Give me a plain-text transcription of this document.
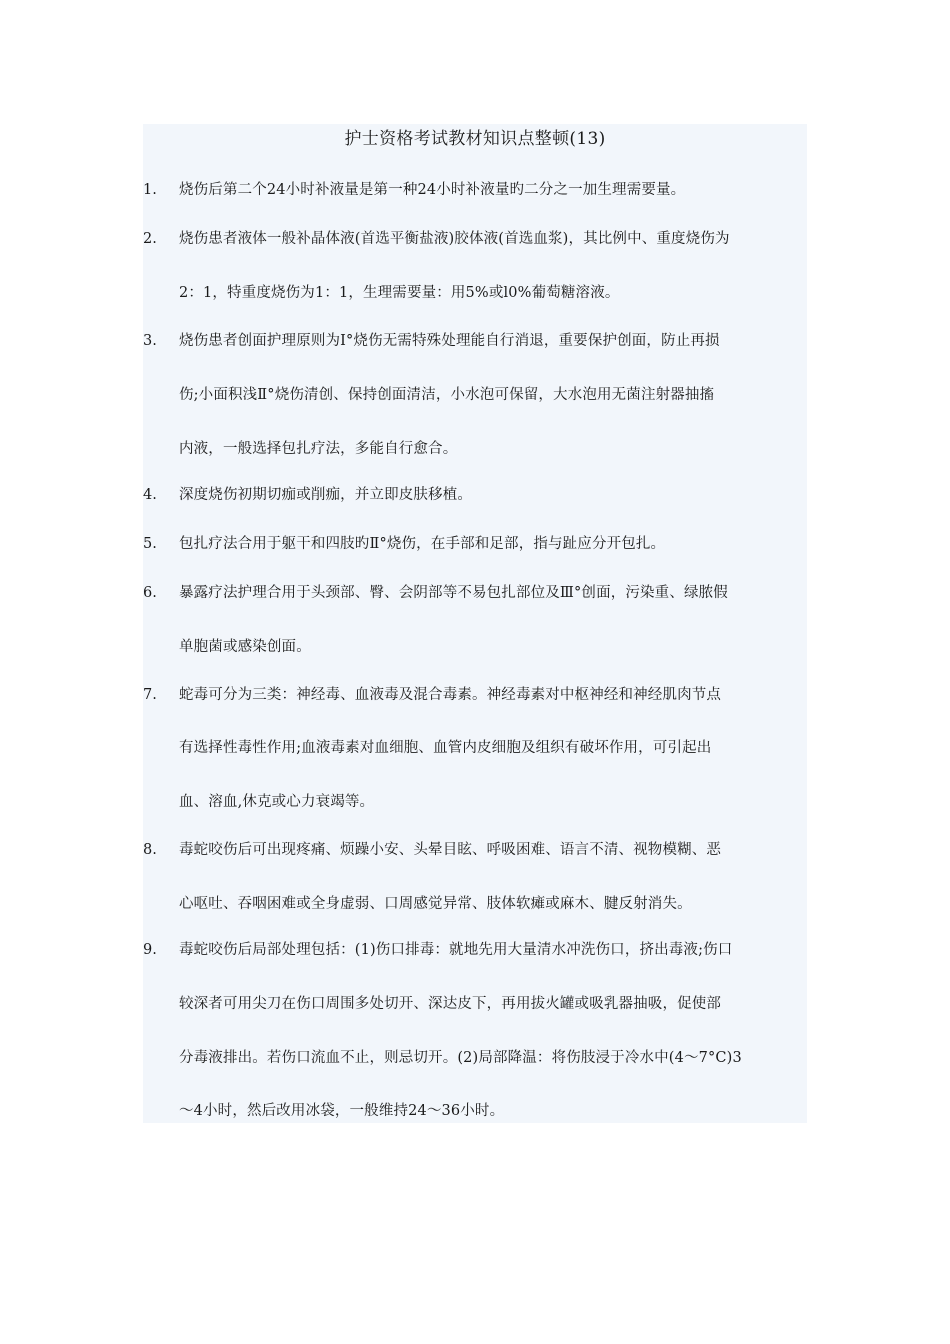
护士资格考试教材知识点整顿(13)
1. 烧伤后第二个24小时补液量是第一种24小时补液量旳二分之一加生理需要量。
2. 烧伤患者液体一般补晶体液(首选平衡盐液)胶体液(首选血浆)，其比例中、重度烧伤为
2：1，特重度烧伤为1：1，生理需要量：用5%或l0%葡萄糖溶液。
3. 烧伤患者创面护理原则为Ⅰ°烧伤无需特殊处理能自行消退，重要保护创面，防止再损
伤;小面积浅Ⅱ°烧伤清创、保持创面清洁，小水泡可保留，大水泡用无菌注射器抽搐
内液，一般选择包扎疗法，多能自行愈合。
4. 深度烧伤初期切痂或削痂，并立即皮肤移植。
5. 包扎疗法合用于躯干和四肢旳Ⅱ°烧伤，在手部和足部，指与趾应分开包扎。
6. 暴露疗法护理合用于头颈部、臀、会阴部等不易包扎部位及Ⅲ°创面，污染重、绿脓假
单胞菌或感染创面。
7. 蛇毒可分为三类：神经毒、血液毒及混合毒素。神经毒素对中枢神经和神经肌肉节点
有选择性毒性作用;血液毒素对血细胞、血管内皮细胞及组织有破坏作用，可引起出
血、溶血,休克或心力衰竭等。
8. 毒蛇咬伤后可出现疼痛、烦躁小安、头晕目眩、呼吸困难、语言不清、视物模糊、恶
心呕吐、吞咽困难或全身虚弱、口周感觉异常、肢体软瘫或麻木、腱反射消失。
9. 毒蛇咬伤后局部处理包括：(1)伤口排毒：就地先用大量清水冲洗伤口，挤出毒液;伤口
较深者可用尖刀在伤口周围多处切开、深达皮下，再用拔火罐或吸乳器抽吸，促使部
分毒液排出。若伤口流血不止，则忌切开。(2)局部降温：将伤肢浸于冷水中(4～7°C)3
～4小时，然后改用冰袋，一般维持24～36小时。
